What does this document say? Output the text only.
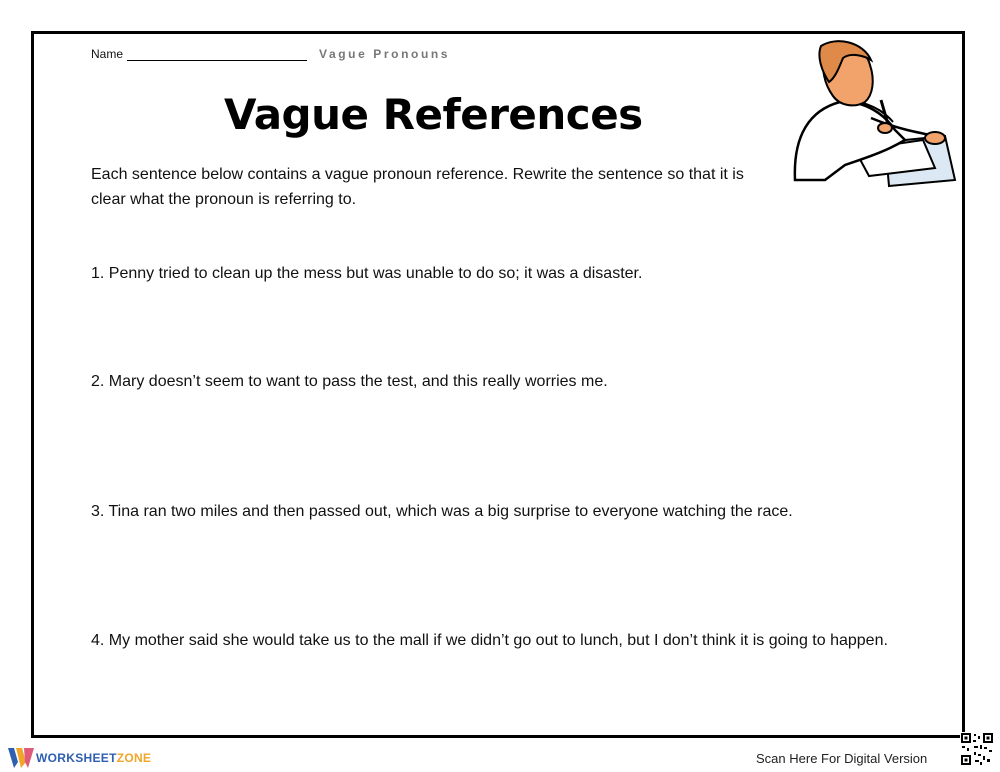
Name	Vague Pronouns
Vague References
Each sentence below contains a vague pronoun reference. Rewrite the sentence so that it is clear what the pronoun is referring to.
1. Penny tried to clean up the mess but was unable to do so; it was a disaster.
2. Mary doesn’t seem to want to pass the test, and this really worries me.
3. Tina ran two miles and then passed out, which was a big surprise to everyone watching the race.
4. My mother said she would take us to the mall if we didn’t go out to lunch, but I don’t think it is going to happen.
WORKSHEETZONE	Scan Here For Digital Version
